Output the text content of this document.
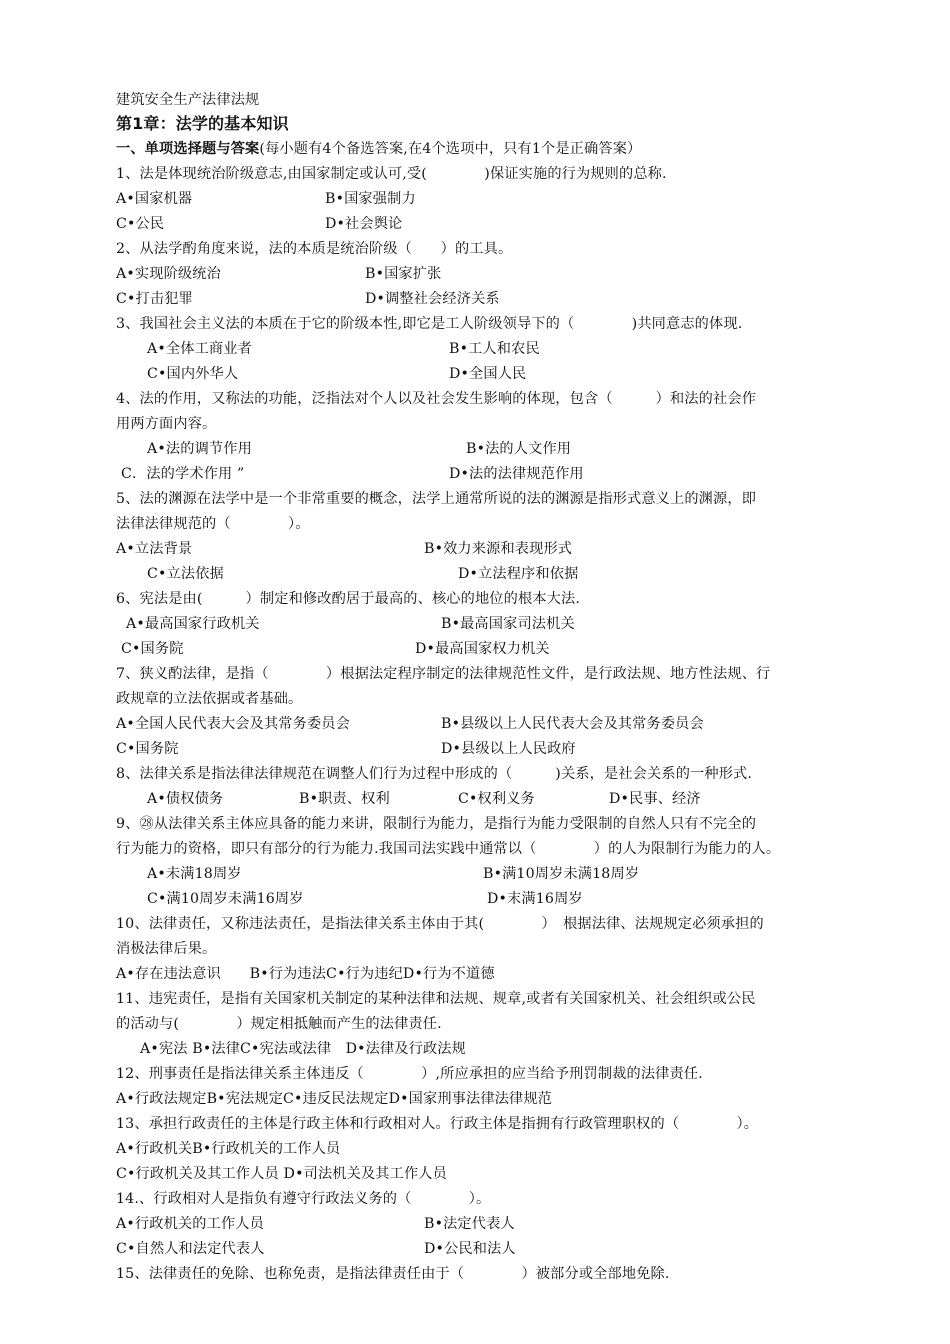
建筑安全生产法律法规
第1章：法学的基本知识
一、单项选择题与答案(每小题有4个备选答案,在4个选项中，只有1个是正确答案）
1、法是体现统治阶级意志,由国家制定或认可,受(　　　　)保证实施的行为规则的总称.
A•国家机器	B•国家强制力
C•公民	D•社会舆论
2、从法学酌角度来说，法的本质是统治阶级（　　）的工具。
A•实现阶级统治	B•国家扩张
C•打击犯罪	D•调整社会经济关系
3、我国社会主义法的本质在于它的阶级本性,即它是工人阶级领导下的（　　　　)共同意志的体现.
A•全体工商业者	B•工人和农民
C•国内外华人	D•全国人民
4、法的作用，又称法的功能，泛指法对个人以及社会发生影响的体现，包含（　　　）和法的社会作
用两方面内容。
A•法的调节作用	B•法的人文作用
C．法的学术作用 ”	D•法的法律规范作用
5、法的渊源在法学中是一个非常重要的概念，法学上通常所说的法的渊源是指形式意义上的渊源，即
法律法律规范的（　　　　）。
A•立法背景	B•效力来源和表现形式
C•立法依据	D•立法程序和依据
6、宪法是由(　　　）制定和修改酌居于最高的、核心的地位的根本大法.
A•最高国家行政机关	B•最高国家司法机关
C•国务院	D•最高国家权力机关
7、狭义酌法律，是指（　　　　）根据法定程序制定的法律规范性文件，是行政法规、地方性法规、行
政规章的立法依据或者基础。
A•全国人民代表大会及其常务委员会	B•县级以上人民代表大会及其常务委员会
C•国务院	D•县级以上人民政府
8、法律关系是指法律法律规范在调整人们行为过程中形成的（　　　)关系，是社会关系的一种形式.
A•债权债务	B•职责、权利	C•权利义务	D•民事、经济
9、㉘从法律关系主体应具备的能力来讲，限制行为能力，是指行为能力受限制的自然人只有不完全的
行为能力的资格，即只有部分的行为能力.我国司法实践中通常以（　　　　）的人为限制行为能力的人。
A•未满18周岁	B•满10周岁未满18周岁
C•满10周岁未满16周岁	D•末满16周岁
10、法律责任，又称违法责任，是指法律关系主体由于其(　　　　）　根据法律、法规规定必须承担的
消极法律后果。
A•存在违法意识　　B•行为违法C•行为违纪D•行为不道德
11、违宪责任，是指有关国家机关制定的某种法律和法规、规章,或者有关国家机关、社会组织或公民
的活动与(　　　　）规定相抵触而产生的法律责任.
A•宪法 B•法律C•宪法或法律　D•法律及行政法规
12、刑事责任是指法律关系主体违反（　　　　）,所应承担的应当给予刑罚制裁的法律责任.
A•行政法规定B•宪法规定C•违反民法规定D•国家刑事法律法律规范
13、承担行政责任的主体是行政主体和行政相对人。行政主体是指拥有行政管理职权的（　　　　）。
A•行政机关B•行政机关的工作人员
C•行政机关及其工作人员 D•司法机关及其工作人员
14.、行政相对人是指负有遵守行政法义务的（　　　　）。
A•行政机关的工作人员	B•法定代表人
C•自然人和法定代表人	D•公民和法人
15、法律责任的免除、也称免责，是指法律责任由于（　　　　）被部分或全部地免除.
